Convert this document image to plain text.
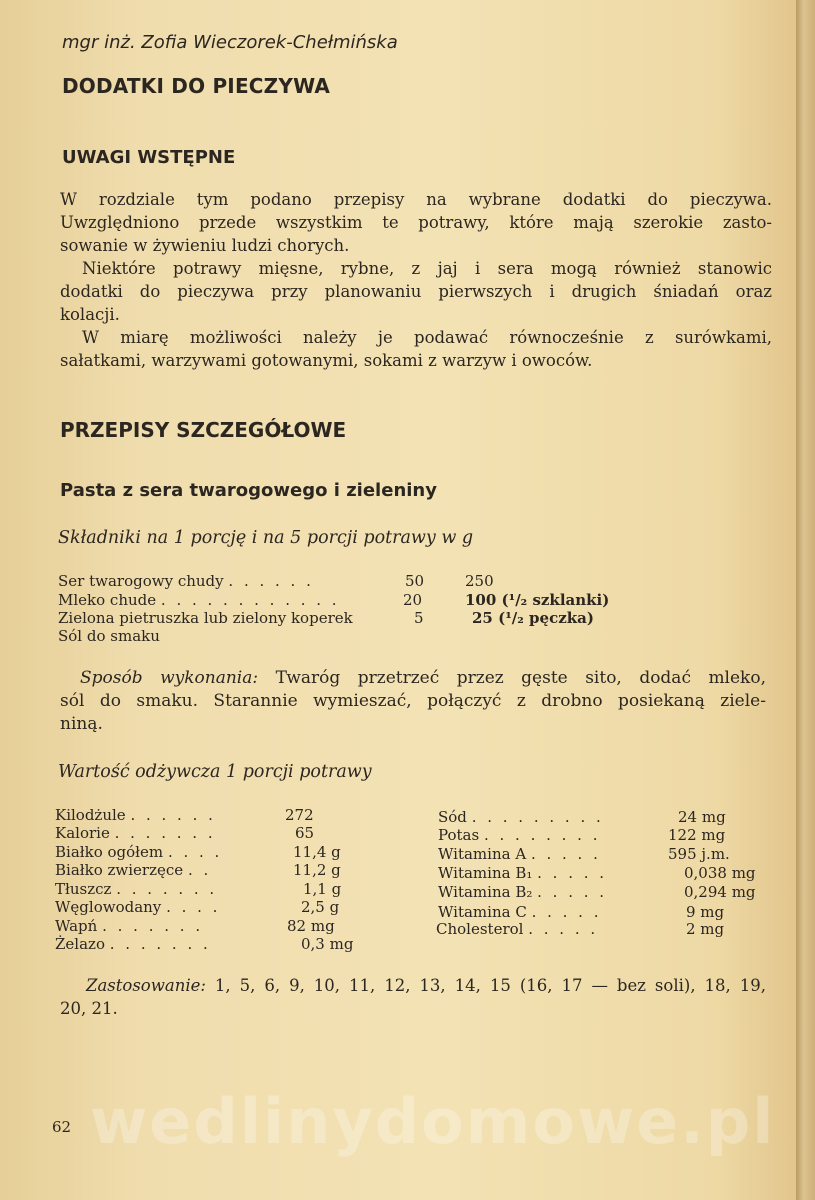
mgr inż. Zofia Wieczorek-Chełmińska
DODATKI DO PIECZYWA
UWAGI WSTĘPNE
W rozdziale tym podano przepisy na wybrane dodatki do pieczywa.
Uwzględniono przede wszystkim te potrawy, które mają szerokie zasto-
sowanie w żywieniu ludzi chorych.
Niektóre potrawy mięsne, rybne, z jaj i sera mogą również stanowic
dodatki do pieczywa przy planowaniu pierwszych i drugich śniadań oraz
kolacji.
W miarę możliwości należy je podawać równocześnie z surówkami,
sałatkami, warzywami gotowanymi, sokami z warzyw i owoców.
PRZEPISY SZCZEGÓŁOWE
Pasta z sera twarogowego i zieleniny
Składniki na 1 porcję i na 5 porcji potrawy w g
Ser twarogowy chudy . . . . . .	50	250
Mleko chude . . . . . . . . . . . .	20	100 (¹/₂ szklanki)
Zielona pietruszka lub zielony koperek	5	25 (¹/₂ pęczka)
Sól do smaku
Sposób wykonania: Twaróg przetrzeć przez gęste sito, dodać mleko,
sól do smaku. Starannie wymieszać, połączyć z drobno posiekaną ziele-
niną.
Wartość odżywcza 1 porcji potrawy
Kilodżule . . . . . .	272
Kalorie . . . . . . .	65
Białko ogółem . . . .	11,4 g
Białko zwierzęce . .	11,2 g
Tłuszcz . . . . . . .	1,1 g
Węglowodany . . . .	2,5 g
Wapń . . . . . . .	82 mg
Żelazo . . . . . . .	0,3 mg
Sód . . . . . . . . .	24 mg
Potas . . . . . . . .	122 mg
Witamina A . . . . .	595 j.m.
Witamina B₁ . . . . .	0,038 mg
Witamina B₂ . . . . .	0,294 mg
Witamina C . . . . .	9 mg
Cholesterol . . . . .	2 mg
Zastosowanie: 1, 5, 6, 9, 10, 11, 12, 13, 14, 15 (16, 17 — bez soli), 18, 19,
20, 21.
wedlinydomowe.pl
62
